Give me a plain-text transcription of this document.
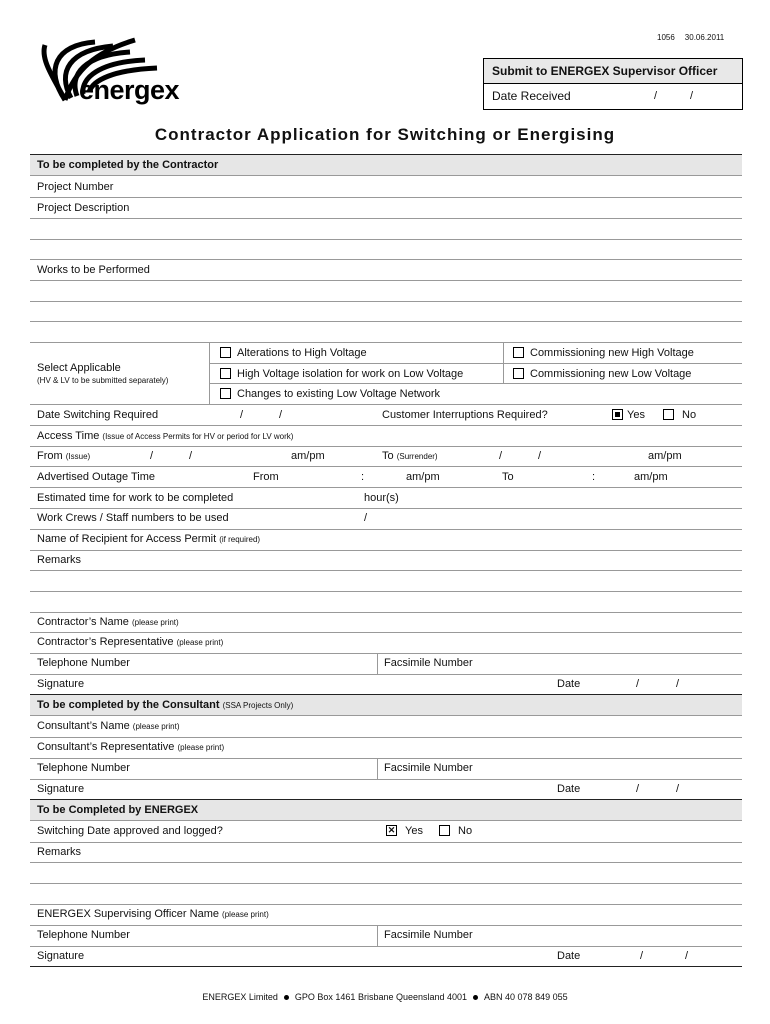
1056 30.06.2011
energex
Submit to ENERGEX Supervisor Officer
Date Received	/	/
Contractor Application for Switching or Energising
To be completed by the Contractor
Project Number
Project Description
Works to be Performed
Select Applicable
(HV & LV to be submitted separately)
Alterations to High Voltage
High Voltage isolation for work on Low Voltage
Changes to existing Low Voltage Network
Commissioning new High Voltage
Commissioning new Low Voltage
Date Switching Required	/	/	Customer Interruptions Required?	Yes	No
Access Time (Issue of Access Permits for HV or period for LV work)
From (Issue)	/	/	am/pm	To (Surrender)	/	/	am/pm
Advertised Outage Time	From	:	am/pm	To	:	am/pm
Estimated time for work to be completed	hour(s)
Work Crews / Staff numbers to be used	/
Name of Recipient for Access Permit (if required)
Remarks
Contractor’s Name (please print)
Contractor’s Representative (please print)
Telephone Number	Facsimile Number
Signature	Date	/	/
To be completed by the Consultant (SSA Projects Only)
Consultant’s Name (please print)
Consultant’s Representative (please print)
Telephone Number	Facsimile Number
Signature	Date	/	/
To be Completed by ENERGEX
Switching Date approved and logged?	✕ Yes	No
Remarks
ENERGEX Supervising Officer Name (please print)
Telephone Number	Facsimile Number
Signature	Date	/	/
ENERGEX Limited GPO Box 1461 Brisbane Queensland 4001 ABN 40 078 849 055
